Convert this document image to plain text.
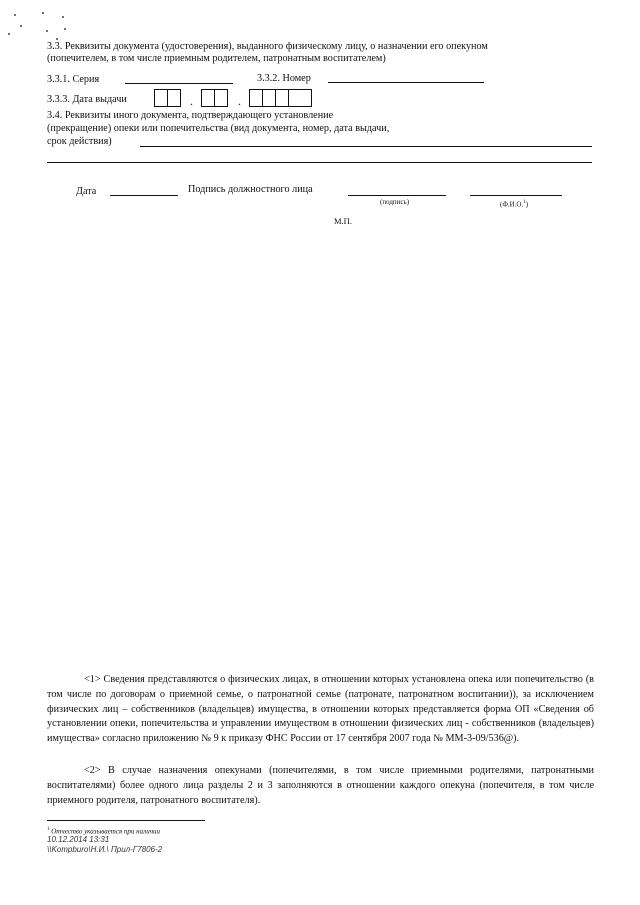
3.3. Реквизиты документа (удостоверения), выданного физическому лицу, о назначении его опекуном
(попечителем, в том числе приемным родителем, патронатным воспитателем)
3.3.1. Серия	3.3.2. Номер
3.3.3. Дата выдачи	.	.
3.4. Реквизиты иного документа, подтверждающего установление
(прекращение) опеки или попечительства (вид документа, номер, дата выдачи,
срок действия)
Дата	Подпись должностного лица
(подпись)	(Ф.И.О.$^1$)
М.П.
<1> Сведения представляются о физических лицах, в отношении которых установлена опека или попечительство (в том числе по договорам о приемной семье, о патронатной семье (патронате, патронатном воспитании)), за исключением физических лиц – собственников (владельцев) имущества, в отношении которых представляется форма ОП «Сведения об установлении опеки, попечительства и управлении имуществом в отношении физических лиц - собственников (владельцев) имущества» согласно приложению № 9 к приказу ФНС России от 17 сентября 2007 года № ММ-3-09/536@).
<2> В случае назначения опекунами (попечителями, в том числе приемными родителями, патронатными воспитателями) более одного лица разделы 2 и 3 заполняются в отношении каждого опекуна (попечителя, в том числе приемного родителя, патронатного воспитателя).
$^1$ Отчество указывается при наличии
10.12.2014 13:31
\\Kompburo\Н.И.\ Прил-Г7806-2
